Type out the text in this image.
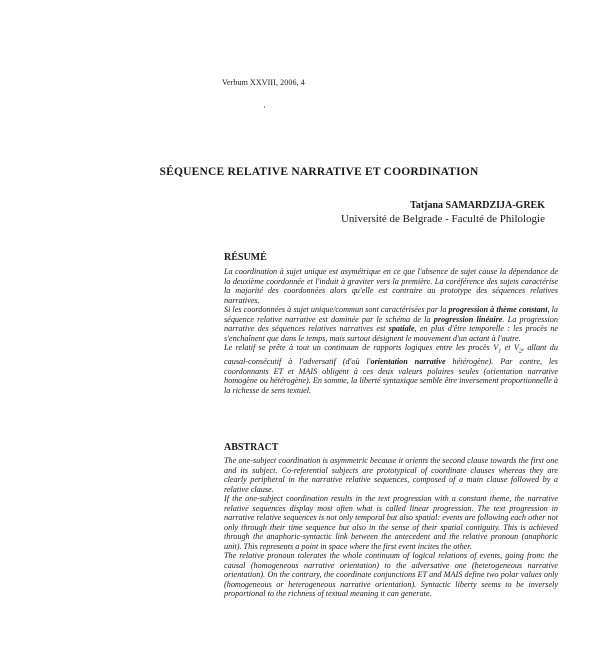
Verbum XXVIII, 2006, 4
·
SÉQUENCE RELATIVE NARRATIVE ET COORDINATION
Tatjana SAMARDZIJA-GREK
Université de Belgrade - Faculté de Philologie
RÉSUMÉ

La coordination à sujet unique est asymétrique en ce que l'absence de sujet cause la dépendance de la deuxième coordonnée et l'induit à graviter vers la première. La coréférence des sujets caractérise la majorité des coordonnées alors qu'elle est contraire au prototype des séquences relatives narratives.

Si les coordonnées à sujet unique/commun sont caractérisées par la progression à thème constant, la séquence relative narrative est dominée par le schéma de la progression linéaire. La progression narrative des séquences relatives narratives est spatiale, en plus d'être temporelle : les procès ne s'enchaînent que dans le temps, mais surtout désignent le mouvement d'un actant à l'autre.

Le relatif se prête à tout un continuum de rapports logiques entre les procès $V_1$ et $V_2$, allant du causal-consécutif à l'adversatif (d'où l'orientation narrative hétérogène). Par contre, les coordonnants ET et MAIS obligent à ces deux valeurs polaires seules (orientation narrative homogène ou hétérogène). En somme, la liberté syntaxique semble être inversement proportionnelle à la richesse de sens textuel.

ABSTRACT

The one-subject coordination is asymmetric because it orients the second clause towards the first one and its subject. Co-referential subjects are prototypical of coordinate clauses whereas they are clearly peripheral in the narrative relative sequences, composed of a main clause followed by a relative clause.

If the one-subject coordination results in the text progression with a constant theme, the narrative relative sequences display most often what is called linear progression. The text progression in narrative relative sequences is not only temporal but also spatial: events are following each other not only through their time sequence but also in the sense of their spatial contiguity. This is achieved through the anaphoric-syntactic link between the antecedent and the relative pronoun (anaphoric unit). This represents a point in space where the first event incites the other.

The relative pronoun tolerates the whole continuum of logical relations of events, going from: the causal (homogeneous narrative orientation) to the adversative one (heterogeneous narrative orientation). On the contrary, the coordinate conjunctions ET and MAIS define two polar values only (homogeneous or heterogeneous narrative orientation). Syntactic liberty seems to be inversely proportional to the richness of textual meaning it can generate.
